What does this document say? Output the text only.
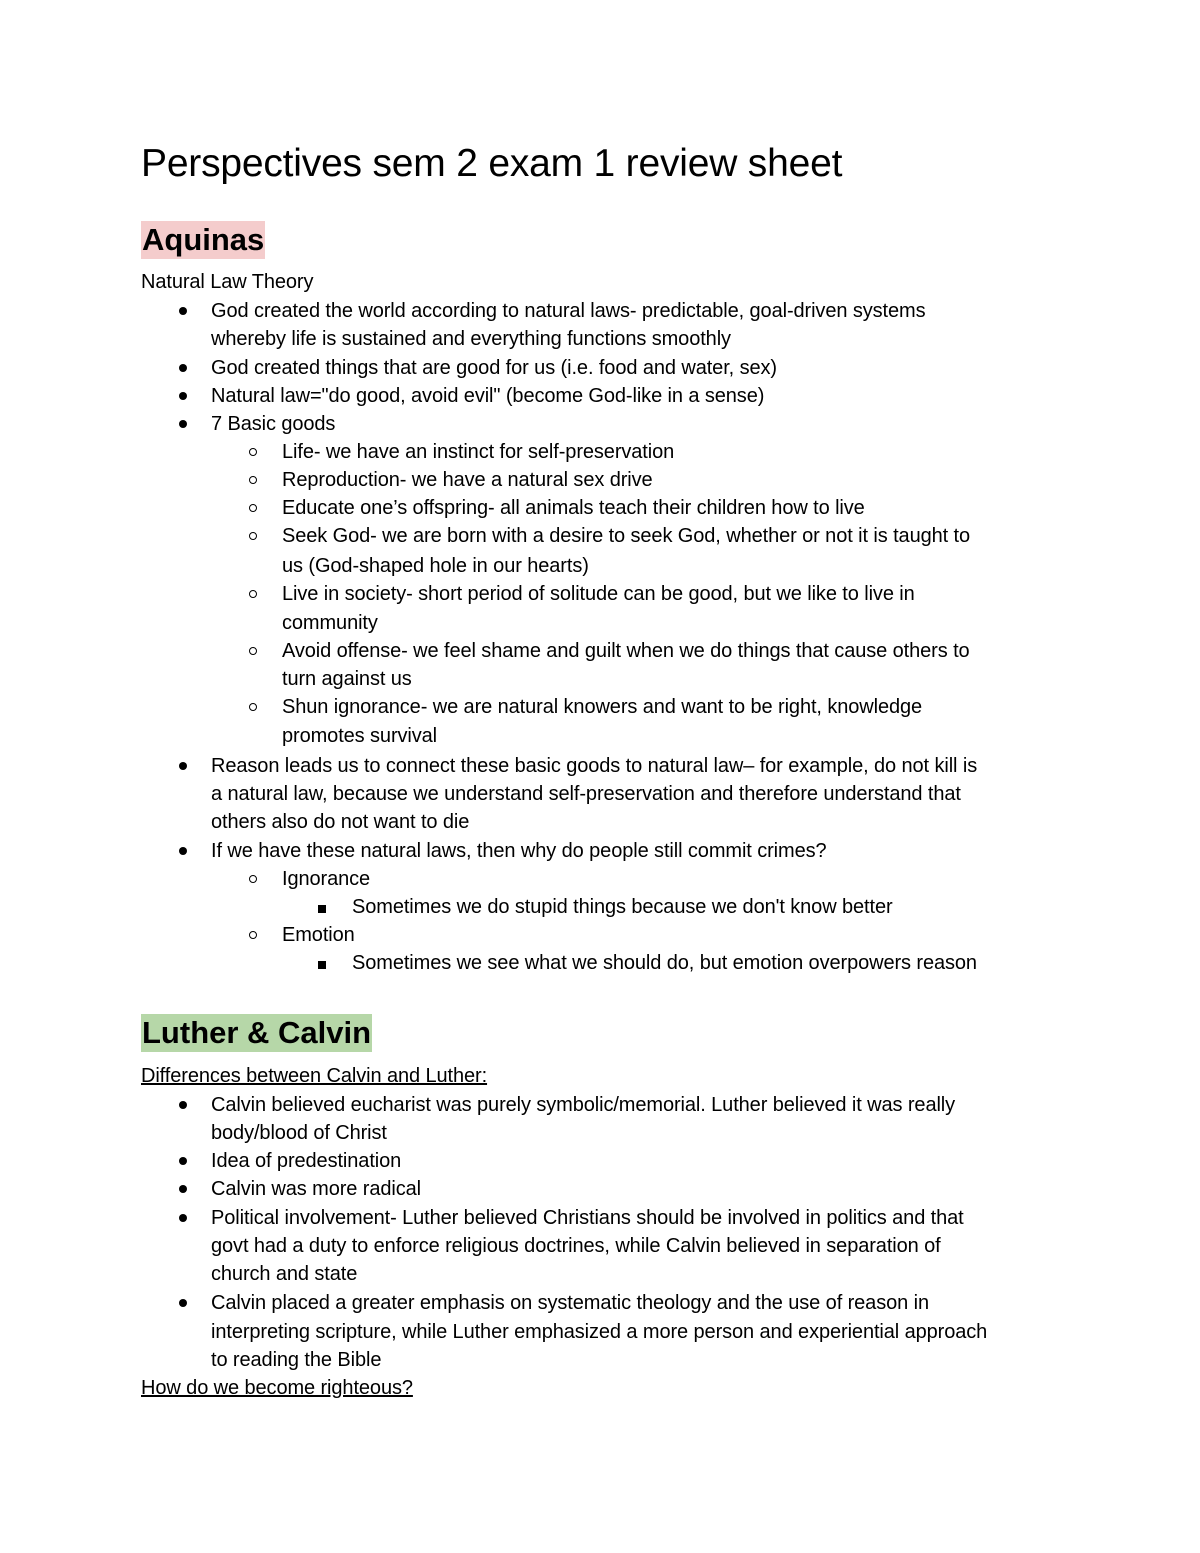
Perspectives sem 2 exam 1 review sheet
Aquinas
Natural Law Theory
God created the world according to natural laws- predictable, goal-driven systems
whereby life is sustained and everything functions smoothly
God created things that are good for us (i.e. food and water, sex)
Natural law="do good, avoid evil" (become God-like in a sense)
7 Basic goods
Life- we have an instinct for self-preservation
Reproduction- we have a natural sex drive
Educate one’s offspring- all animals teach their children how to live
Seek God- we are born with a desire to seek God, whether or not it is taught to
us (God-shaped hole in our hearts)
Live in society- short period of solitude can be good, but we like to live in
community
Avoid offense- we feel shame and guilt when we do things that cause others to
turn against us
Shun ignorance- we are natural knowers and want to be right, knowledge
promotes survival
Reason leads us to connect these basic goods to natural law– for example, do not kill is
a natural law, because we understand self-preservation and therefore understand that
others also do not want to die
If we have these natural laws, then why do people still commit crimes?
Ignorance
Sometimes we do stupid things because we don't know better
Emotion
Sometimes we see what we should do, but emotion overpowers reason
Luther & Calvin
Differences between Calvin and Luther:
Calvin believed eucharist was purely symbolic/memorial. Luther believed it was really
body/blood of Christ
Idea of predestination
Calvin was more radical
Political involvement- Luther believed Christians should be involved in politics and that
govt had a duty to enforce religious doctrines, while Calvin believed in separation of
church and state
Calvin placed a greater emphasis on systematic theology and the use of reason in
interpreting scripture, while Luther emphasized a more person and experiential approach
to reading the Bible
How do we become righteous?
